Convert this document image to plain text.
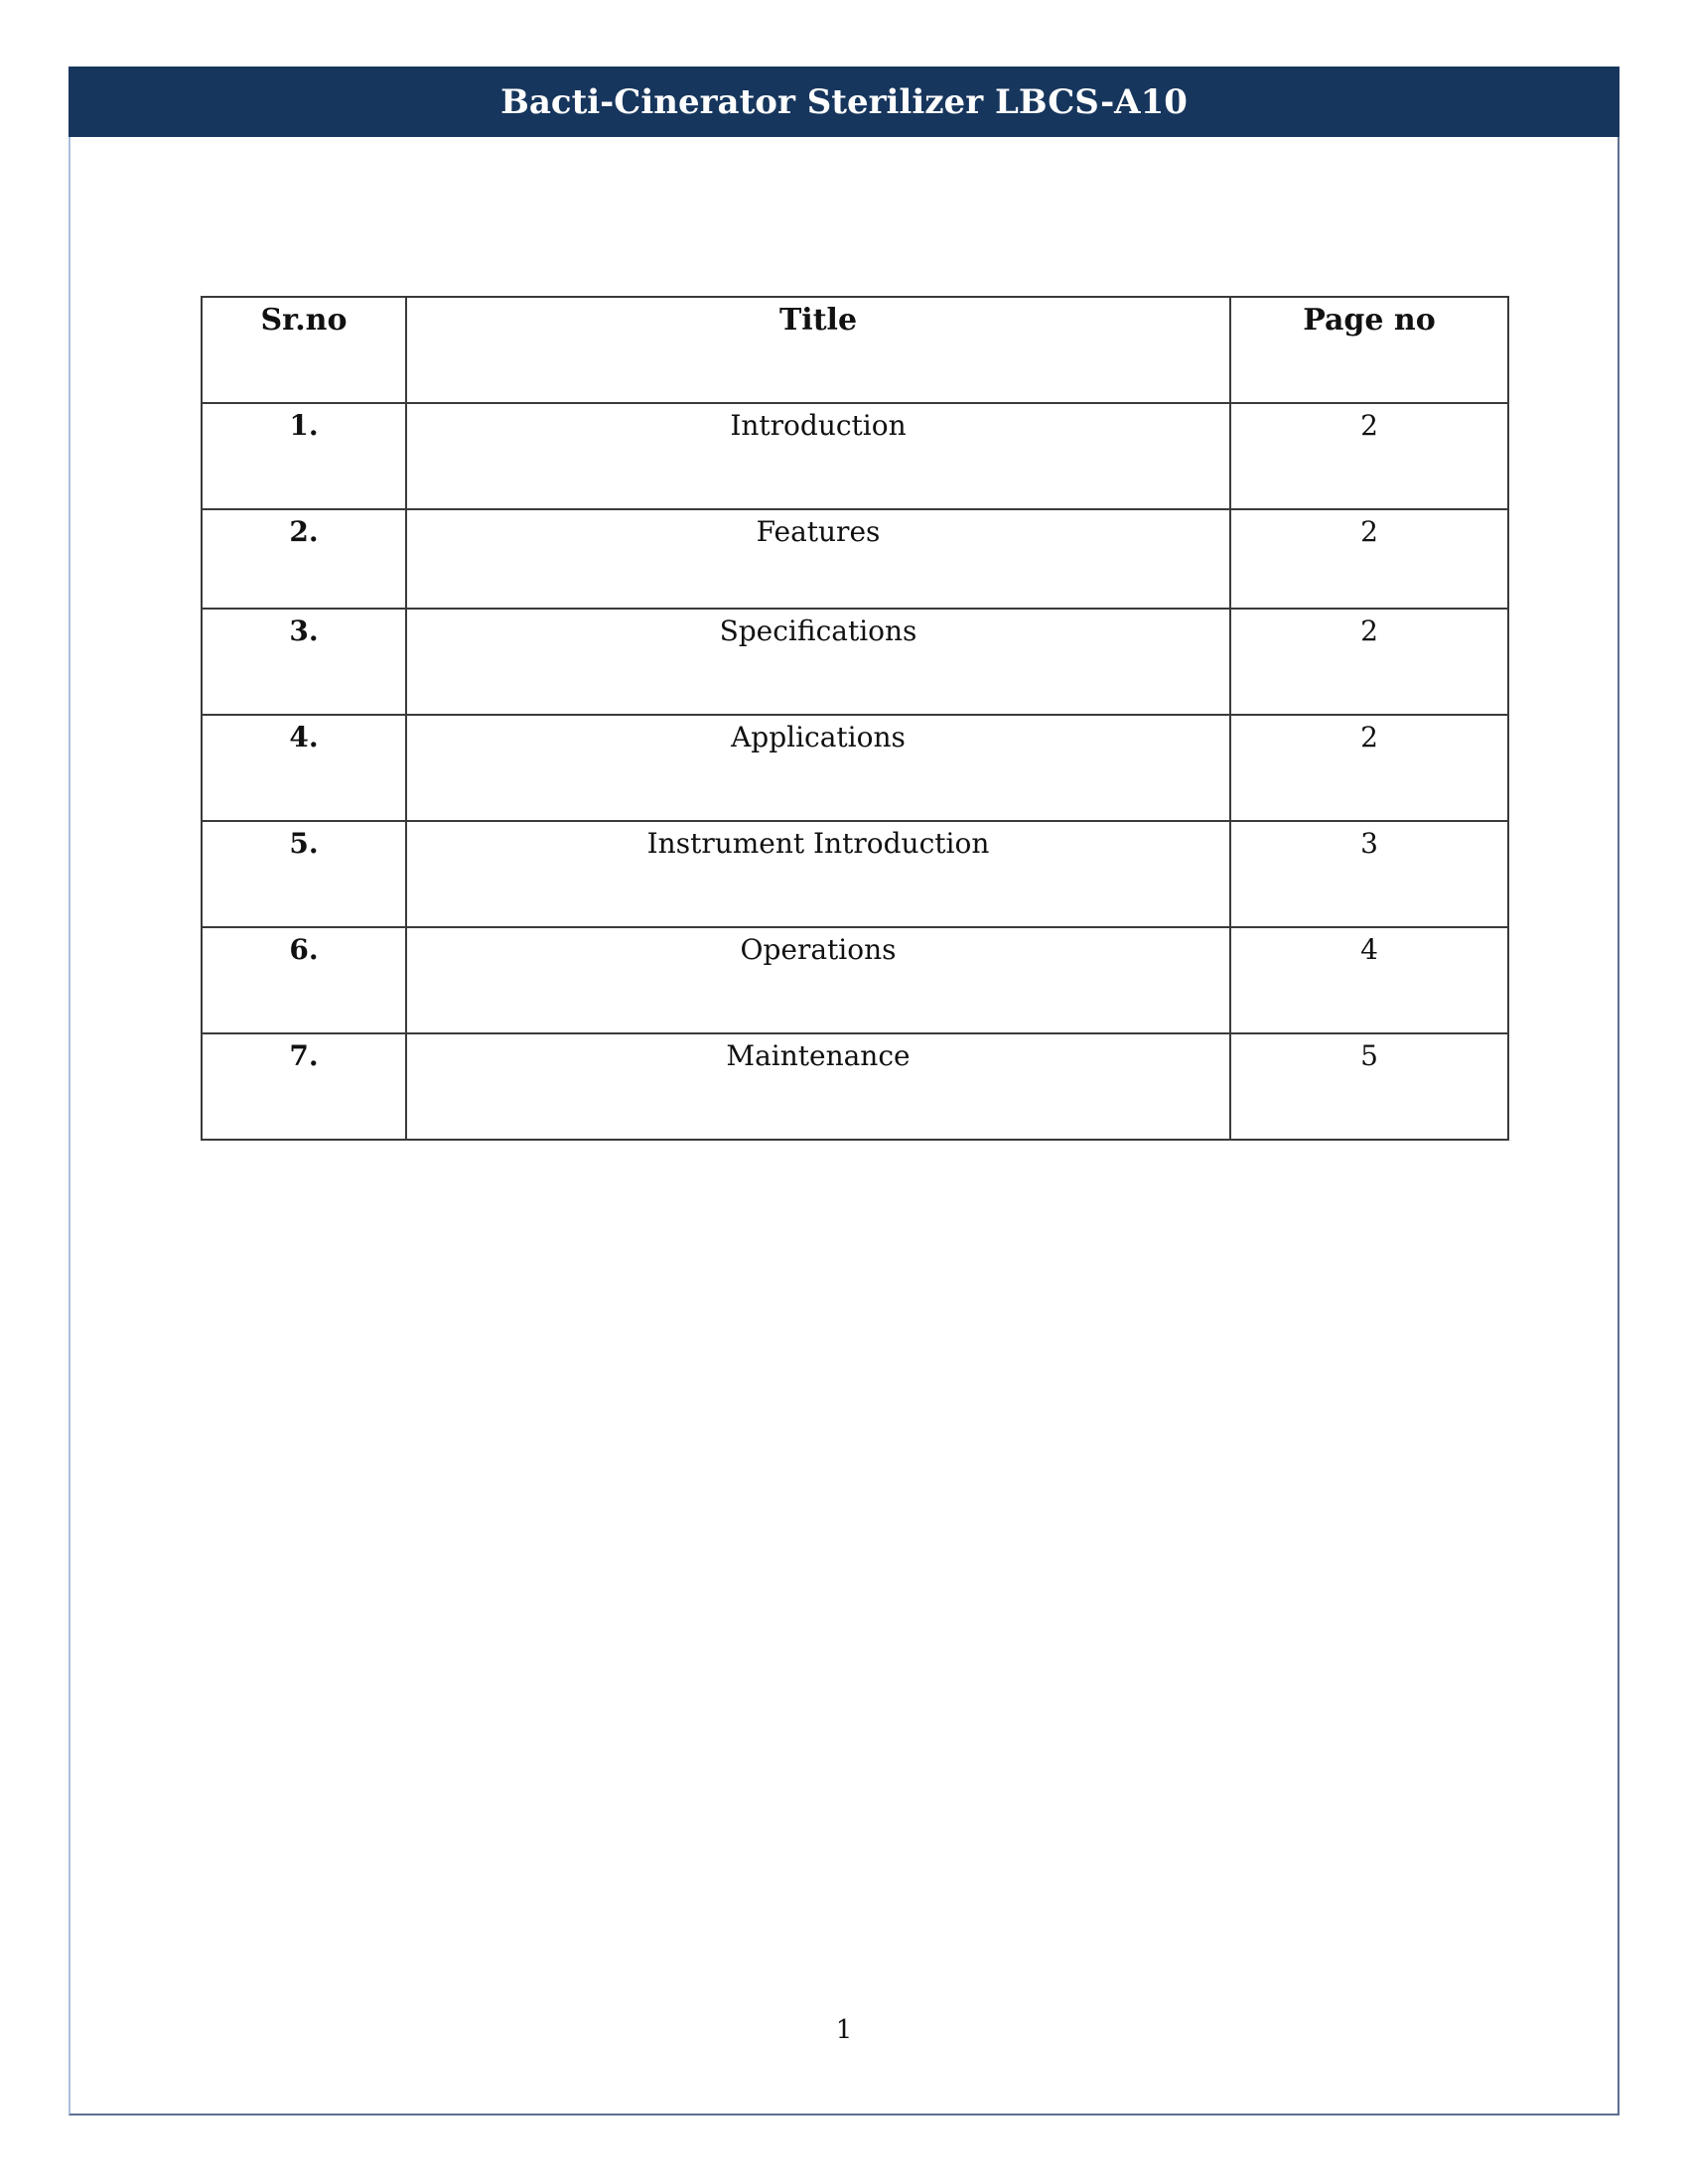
Bacti-Cinerator Sterilizer LBCS-A10
Sr.no	Title	Page no

1.	Introduction	2

2.	Features	2

3.	Specifications	2

4.	Applications	2

5.	Instrument Introduction	3

6.	Operations	4

7.	Maintenance	5
1
